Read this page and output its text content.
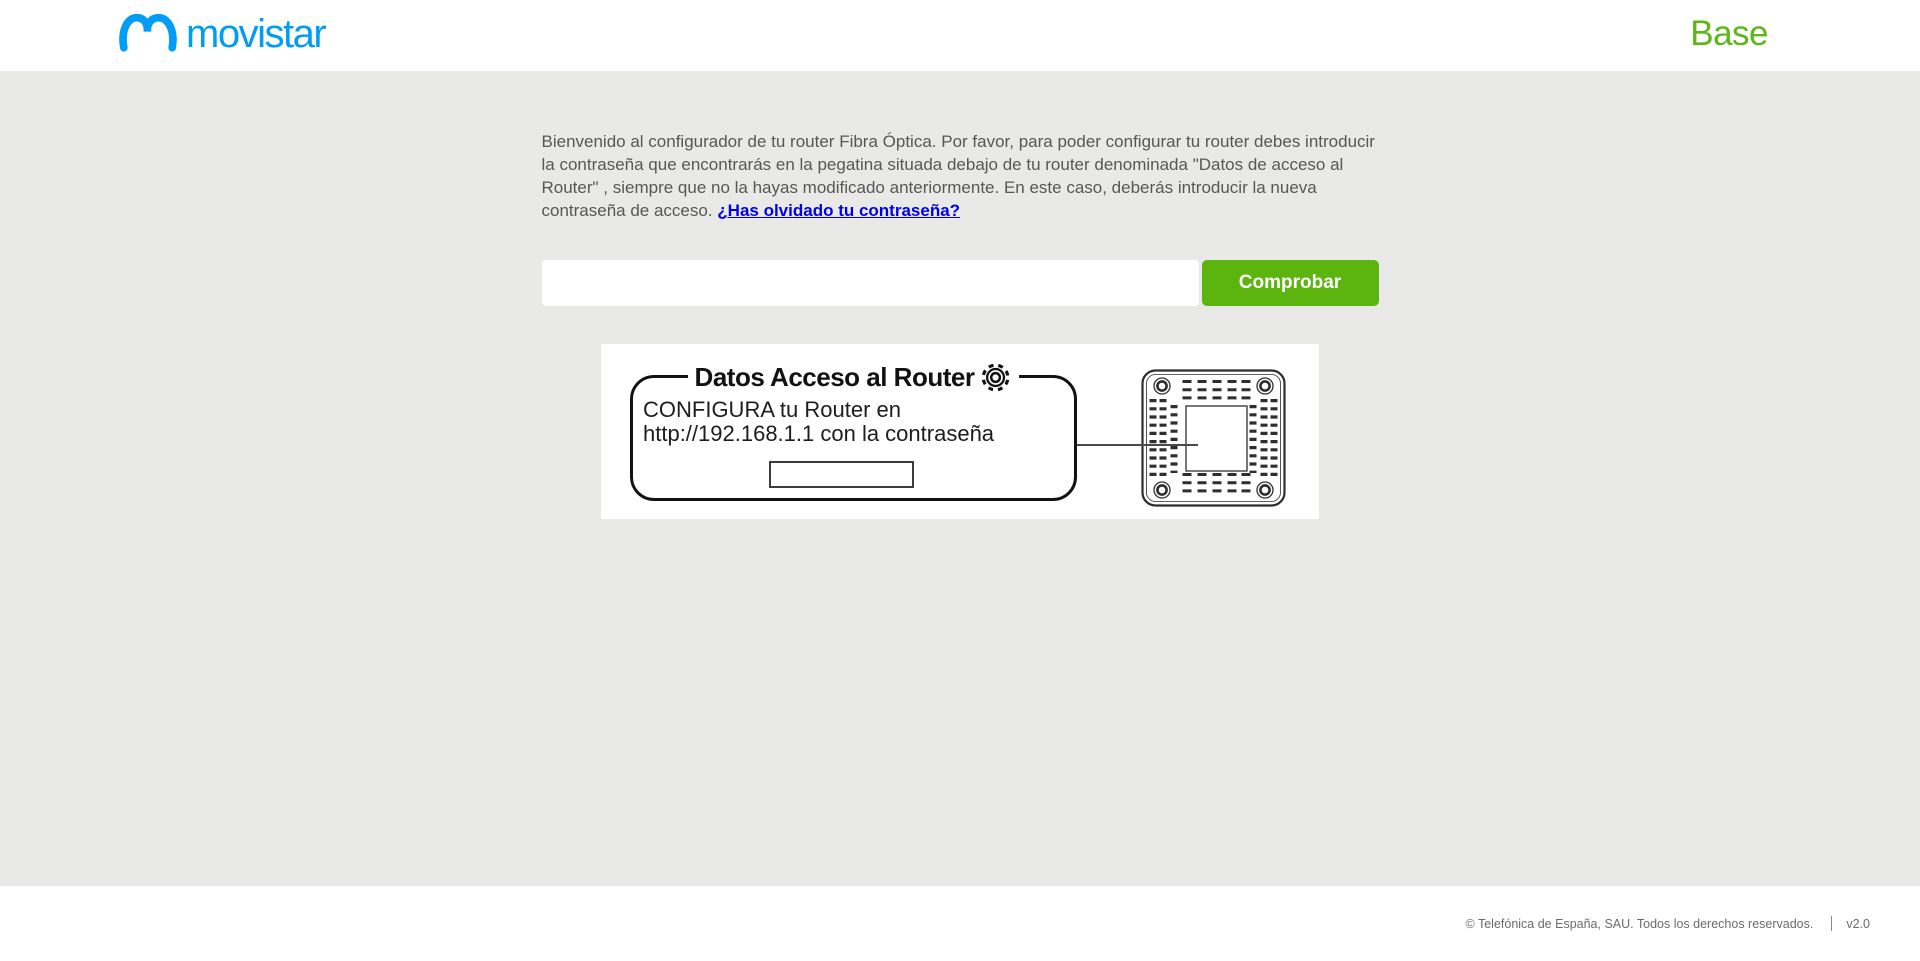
movistar	Base

Bienvenido al configurador de tu router Fibra Óptica. Por favor, para poder configurar tu router debes introducir la contraseña que encontrarás en la pegatina situada debajo de tu router denominada "Datos de acceso al Router" , siempre que no la hayas modificado anteriormente. En este caso, deberás introducir la nueva contraseña de acceso. ¿Has olvidado tu contraseña?

Comprobar
Datos Acceso al Router
CONFIGURA tu Router en
http://192.168.1.1 con la contraseña
© Telefónica de España, SAU. Todos los derechos reservados.	v2.0
